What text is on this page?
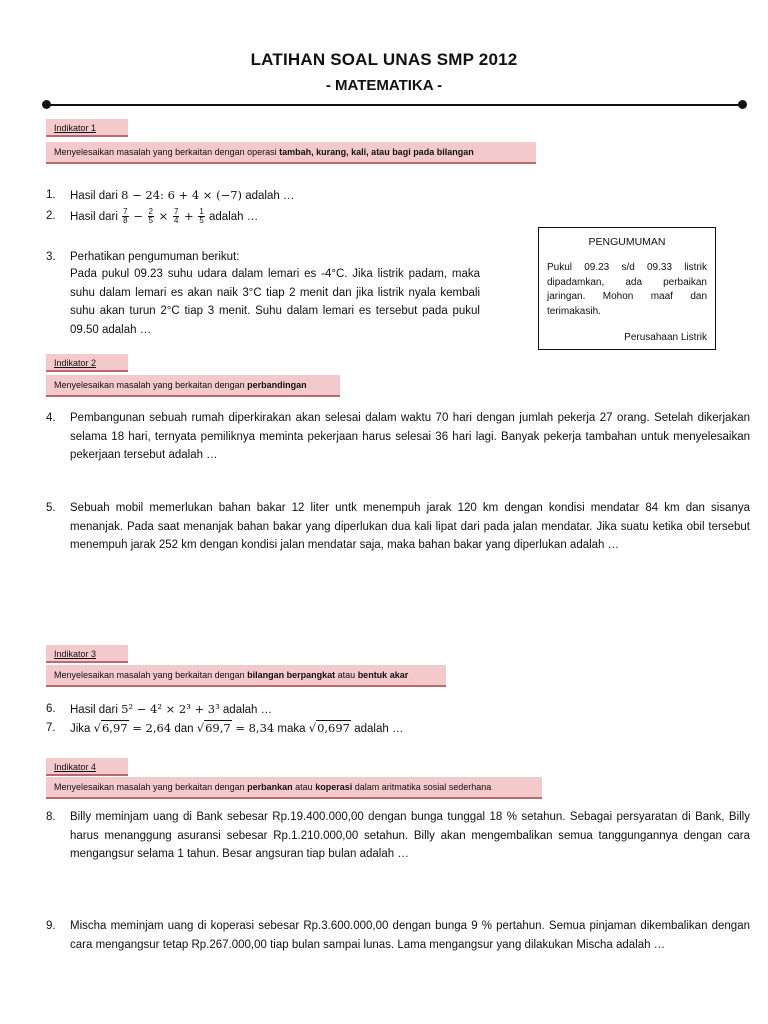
LATIHAN SOAL UNAS SMP 2012
- MATEMATIKA -
Indikator 1
Menyelesaikan masalah yang berkaitan dengan operasi tambah, kurang, kali, atau bagi pada bilangan
1. Hasil dari 8 − 24: 6 + 4 × (−7) adalah …
2. Hasil dari $\frac{7}{8} - \frac{2}{5} \times \frac{7}{4} + \frac{1}{5}$ adalah …
3. Perhatikan pengumuman berikut:
Pada pukul 09.23 suhu udara dalam lemari es -4°C. Jika listrik padam, maka suhu dalam lemari es akan naik 3°C tiap 2 menit dan jika listrik nyala kembali suhu akan turun 2°C tiap 3 menit. Suhu dalam lemari es tersebut pada pukul 09.50 adalah …
PENGUMUMAN
Pukul 09.23 s/d 09.33 listrik dipadamkan, ada perbaikan jaringan. Mohon maaf dan terimakasih.
Perusahaan Listrik
Indikator 2
Menyelesaikan masalah yang berkaitan dengan perbandingan
4. Pembangunan sebuah rumah diperkirakan akan selesai dalam waktu 70 hari dengan jumlah pekerja 27 orang. Setelah dikerjakan selama 18 hari, ternyata pemiliknya meminta pekerjaan harus selesai 36 hari lagi. Banyak pekerja tambahan untuk menyelesaikan pekerjaan tersebut adalah …
5. Sebuah mobil memerlukan bahan bakar 12 liter untk menempuh jarak 120 km dengan kondisi mendatar 84 km dan sisanya menanjak. Pada saat menanjak bahan bakar yang diperlukan dua kali lipat dari pada jalan mendatar. Jika suatu ketika obil tersebut menempuh jarak 252 km dengan kondisi jalan mendatar saja, maka bahan bakar yang diperlukan adalah …
Indikator 3
Menyelesaikan masalah yang berkaitan dengan bilangan berpangkat atau bentuk akar
6. Hasil dari 5² − 4² × 2³ + 3³ adalah …
7. Jika √6,97 = 2,64 dan √69,7 = 8,34 maka √0,697 adalah …
Indikator 4
Menyelesaikan masalah yang berkaitan dengan perbankan atau koperasi dalam aritmatika sosial sederhana
8. Billy meminjam uang di Bank sebesar Rp.19.400.000,00 dengan bunga tunggal 18 % setahun. Sebagai persyaratan di Bank, Billy harus menanggung asuransi sebesar Rp.1.210.000,00 setahun. Billy akan mengembalikan semua tanggungannya dengan cara mengangsur selama 1 tahun. Besar angsuran tiap bulan adalah …
9. Mischa meminjam uang di koperasi sebesar Rp.3.600.000,00 dengan bunga 9 % pertahun. Semua pinjaman dikembalikan dengan cara mengangsur tetap Rp.267.000,00 tiap bulan sampai lunas. Lama mengangsur yang dilakukan Mischa adalah …
